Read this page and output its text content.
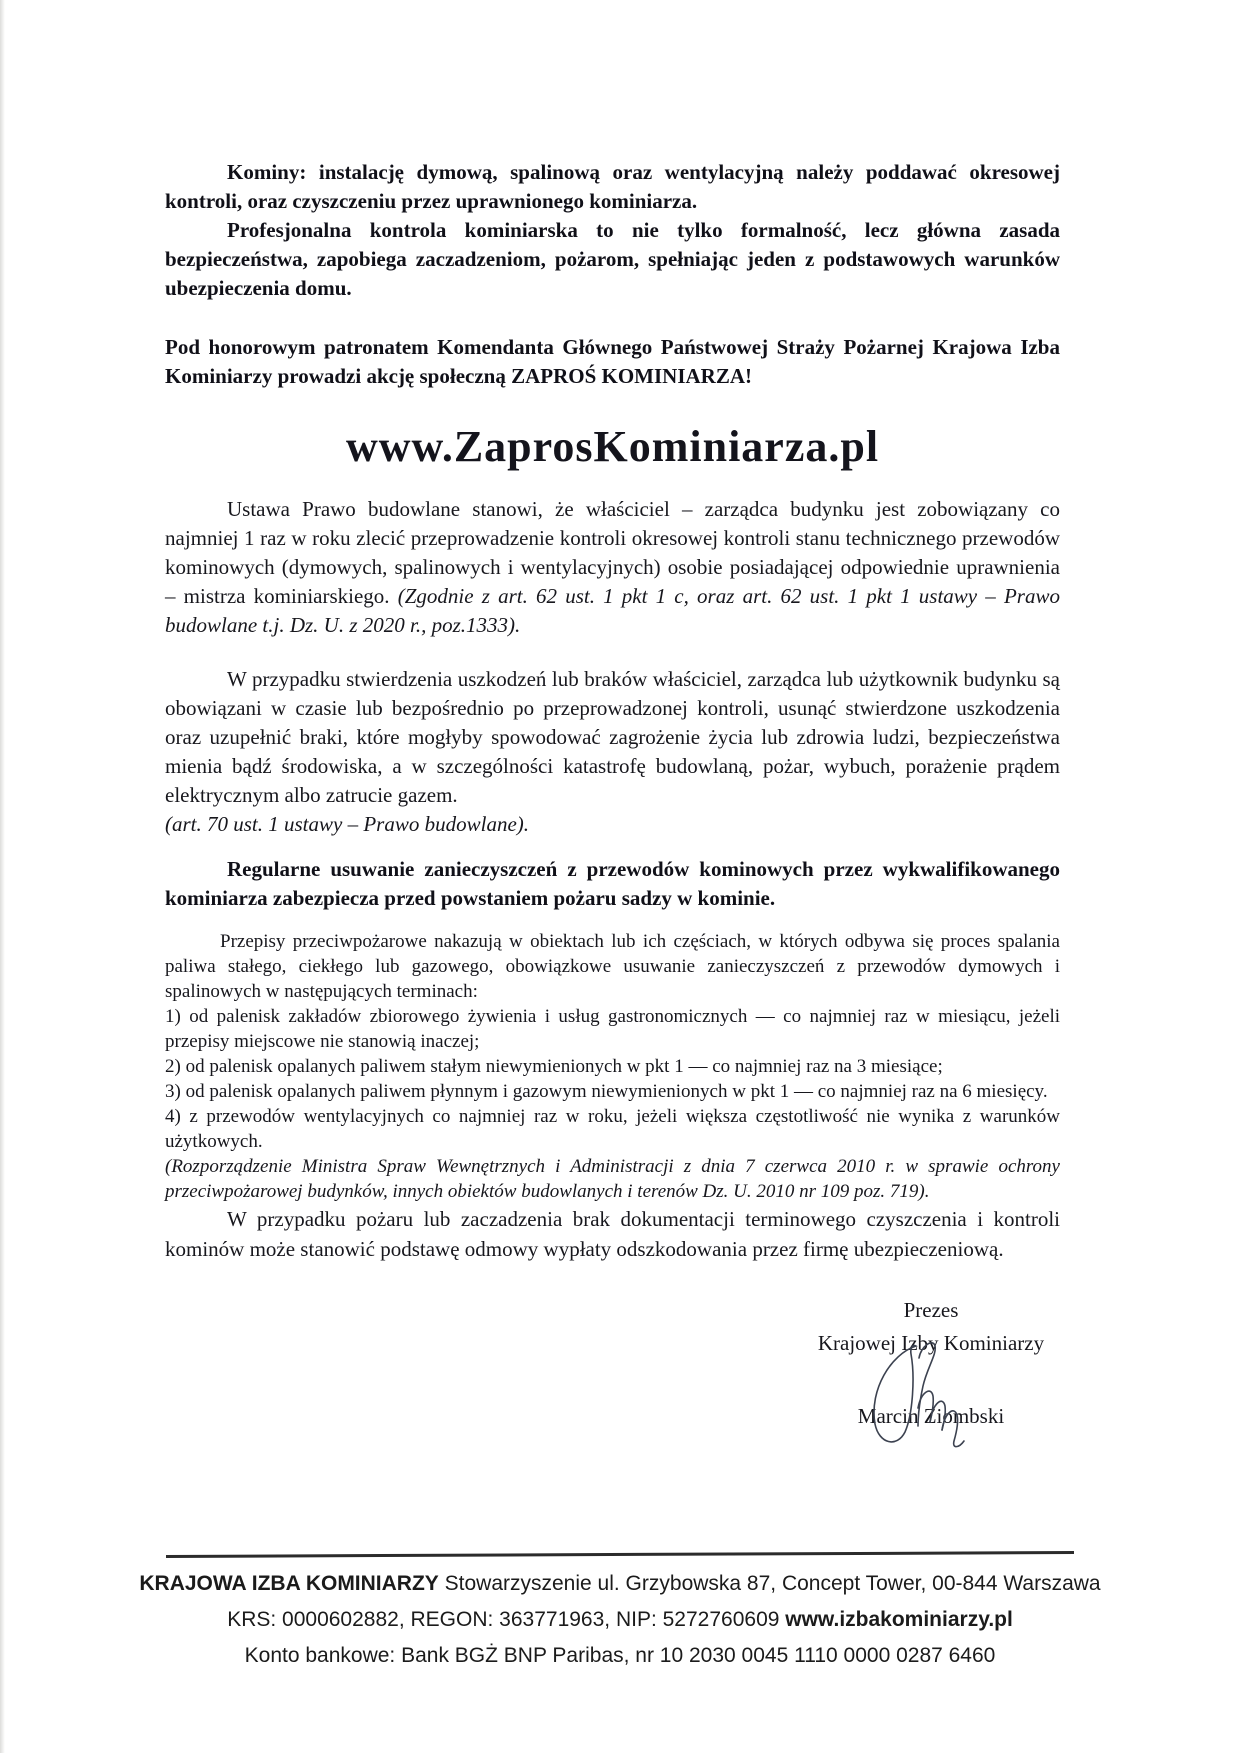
Kominy: instalację dymową, spalinową oraz wentylacyjną należy poddawać okresowej kontroli, oraz czyszczeniu przez uprawnionego kominiarza.

Profesjonalna kontrola kominiarska to nie tylko formalność, lecz główna zasada bezpieczeństwa, zapobiega zaczadzeniom, pożarom, spełniając jeden z podstawowych warunków ubezpieczenia domu.

Pod honorowym patronatem Komendanta Głównego Państwowej Straży Pożarnej Krajowa Izba Kominiarzy prowadzi akcję społeczną ZAPROŚ KOMINIARZA!

www.ZaprosKominiarza.pl

Ustawa Prawo budowlane stanowi, że właściciel – zarządca budynku jest zobowiązany co najmniej 1 raz w roku zlecić przeprowadzenie kontroli okresowej kontroli stanu technicznego przewodów kominowych (dymowych, spalinowych i wentylacyjnych) osobie posiadającej odpowiednie uprawnienia – mistrza kominiarskiego. (Zgodnie z art. 62 ust. 1 pkt 1 c, oraz art. 62 ust. 1 pkt 1 ustawy – Prawo budowlane t.j. Dz. U. z 2020 r., poz.1333).

W przypadku stwierdzenia uszkodzeń lub braków właściciel, zarządca lub użytkownik budynku są obowiązani w czasie lub bezpośrednio po przeprowadzonej kontroli, usunąć stwierdzone uszkodzenia oraz uzupełnić braki, które mogłyby spowodować zagrożenie życia lub zdrowia ludzi, bezpieczeństwa mienia bądź środowiska, a w szczególności katastrofę budowlaną, pożar, wybuch, porażenie prądem elektrycznym albo zatrucie gazem.

(art. 70 ust. 1 ustawy – Prawo budowlane).

Regularne usuwanie zanieczyszczeń z przewodów kominowych przez wykwalifikowanego kominiarza zabezpiecza przed powstaniem pożaru sadzy w kominie.

Przepisy przeciwpożarowe nakazują w obiektach lub ich częściach, w których odbywa się proces spalania paliwa stałego, ciekłego lub gazowego, obowiązkowe usuwanie zanieczyszczeń z przewodów dymowych i spalinowych w następujących terminach:

1) od palenisk zakładów zbiorowego żywienia i usług gastronomicznych — co najmniej raz w miesiącu, jeżeli przepisy miejscowe nie stanowią inaczej;

2) od palenisk opalanych paliwem stałym niewymienionych w pkt 1 — co najmniej raz na 3 miesiące;

3) od palenisk opalanych paliwem płynnym i gazowym niewymienionych w pkt 1 — co najmniej raz na 6 miesięcy.

4) z przewodów wentylacyjnych co najmniej raz w roku, jeżeli większa częstotliwość nie wynika z warunków użytkowych.

(Rozporządzenie Ministra Spraw Wewnętrznych i Administracji z dnia 7 czerwca 2010 r. w sprawie ochrony przeciwpożarowej budynków, innych obiektów budowlanych i terenów Dz. U. 2010 nr 109 poz. 719).

W przypadku pożaru lub zaczadzenia brak dokumentacji terminowego czyszczenia i kontroli kominów może stanowić podstawę odmowy wypłaty odszkodowania przez firmę ubezpieczeniową.

Prezes
Krajowej Izby Kominiarzy
Marcin Ziombski
KRAJOWA IZBA KOMINIARZY Stowarzyszenie ul. Grzybowska 87, Concept Tower, 00-844 Warszawa
KRS: 0000602882, REGON: 363771963, NIP: 5272760609 www.izbakominiarzy.pl
Konto bankowe: Bank BGŻ BNP Paribas, nr 10 2030 0045 1110 0000 0287 6460
